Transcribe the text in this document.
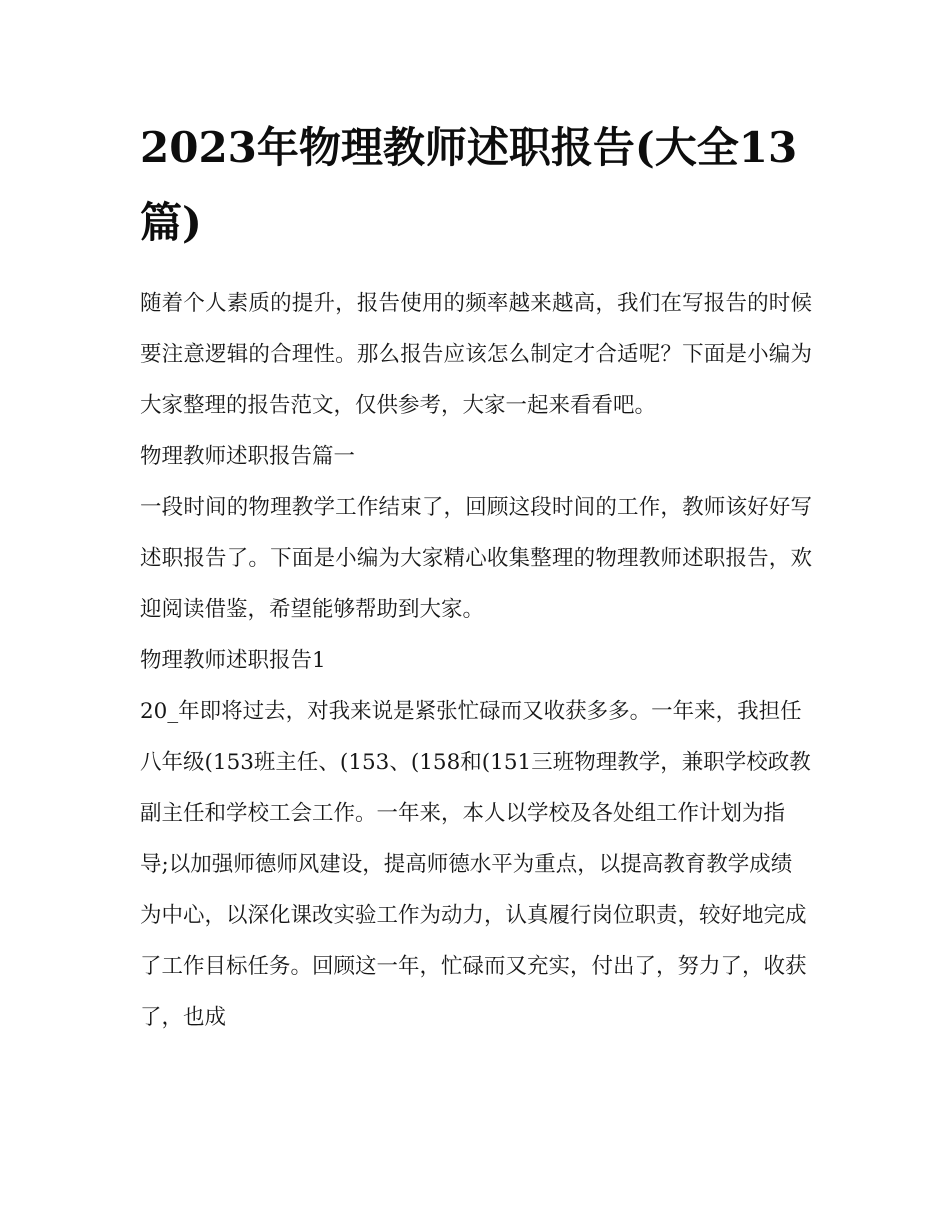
2023年物理教师述职报告(大全13篇)

随着个人素质的提升，报告使用的频率越来越高，我们在写报告的时候要注意逻辑的合理性。那么报告应该怎么制定才合适呢？下面是小编为大家整理的报告范文，仅供参考，大家一起来看看吧。

物理教师述职报告篇一

一段时间的物理教学工作结束了，回顾这段时间的工作，教师该好好写述职报告了。下面是小编为大家精心收集整理的物理教师述职报告，欢迎阅读借鉴，希望能够帮助到大家。

物理教师述职报告1

20_年即将过去，对我来说是紧张忙碌而又收获多多。一年来，我担任八年级(153班主任、(153、(158和(151三班物理教学，兼职学校政教副主任和学校工会工作。一年来，本人以学校及各处组工作计划为指导;以加强师德师风建设，提高师德水平为重点，以提高教育教学成绩为中心，以深化课改实验工作为动力，认真履行岗位职责，较好地完成了工作目标任务。回顾这一年，忙碌而又充实，付出了，努力了，收获了，也成
